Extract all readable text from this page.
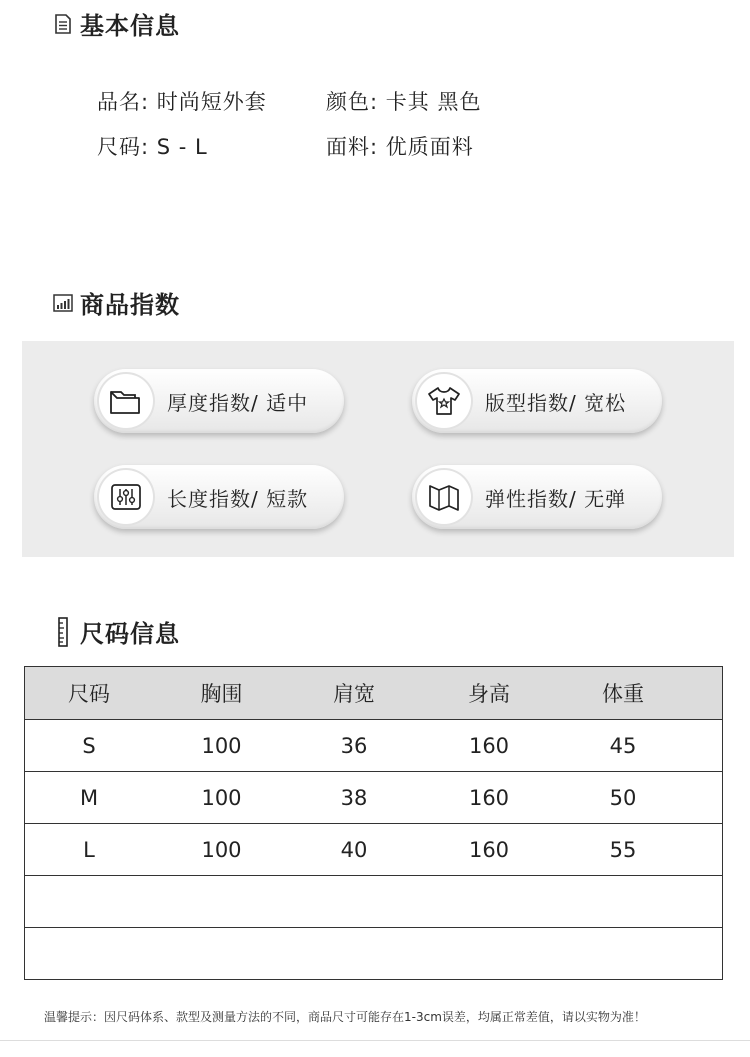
基本信息
品名: 时尚短外套	颜色: 卡其 黑色
尺码: S - L	面料: 优质面料
商品指数
厚度指数/ 适中	版型指数/ 宽松
长度指数/ 短款	弹性指数/ 无弹
尺码信息
尺码	胸围	肩宽	身高	体重	
S	100	36	160	45	
M	100	38	160	50	
L	100	40	160	55	

温馨提示：因尺码体系、款型及测量方法的不同，商品尺寸可能存在1-3cm误差，均属正常差值，请以实物为准！
